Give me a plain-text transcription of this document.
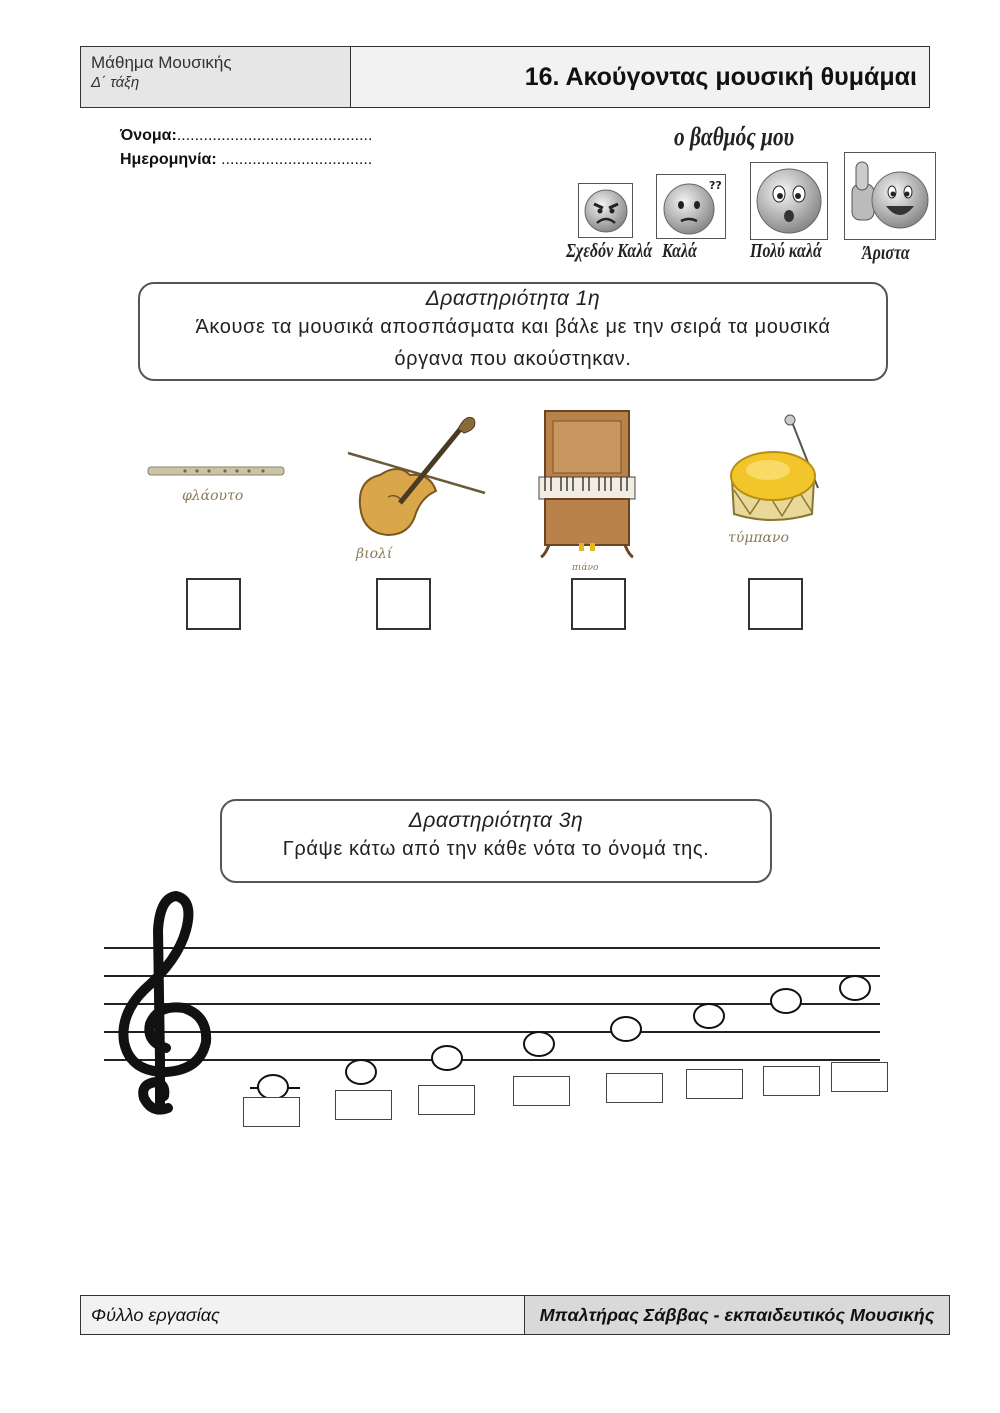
Μάθημα Μουσικής
Δ΄ τάξη	16. Ακούγοντας μουσική θυμάμαι
Όνομα:............................................
Ημερομηνία: ..................................
ο βαθμός μου
Σχεδόν Καλά
??
Καλά	Πολύ καλά Άριστα
Δραστηριότητα 1η
Άκουσε τα μουσικά αποσπάσματα και βάλε με την σειρά τα μουσικά
όργανα που ακούστηκαν.
φλάουτο
βιολί
πιάνο
τύμπανο
Δραστηριότητα 3η
Γράψε κάτω από την κάθε νότα το όνομά της.
Φύλλο εργασίας	Μπαλτήρας Σάββας - εκπαιδευτικός Μουσικής
